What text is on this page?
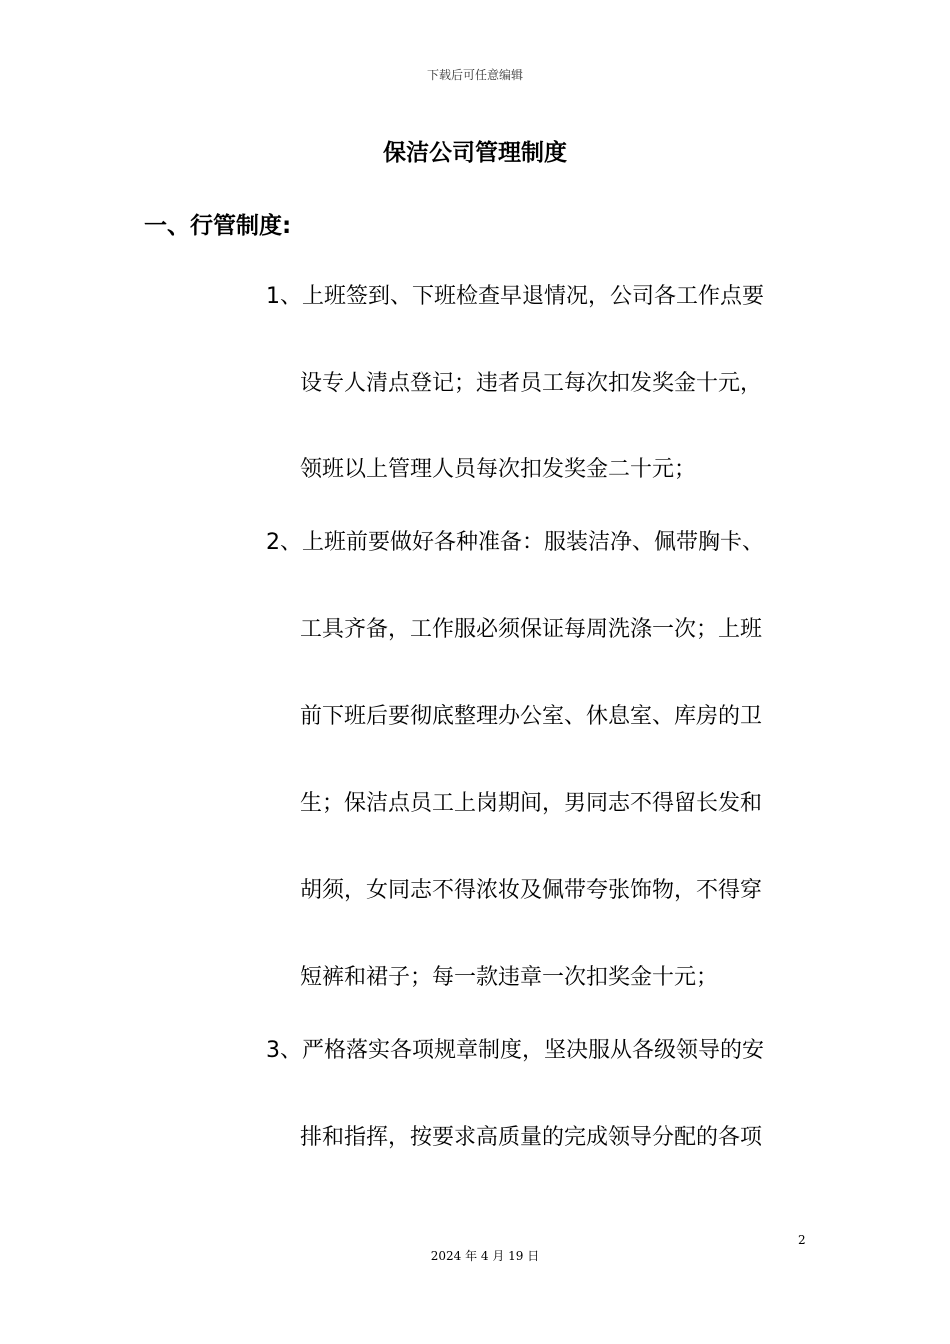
下载后可任意编辑
保洁公司管理制度
一、行管制度:
1、上班签到、下班检查早退情况，公司各工作点要
设专人清点登记；违者员工每次扣发奖金十元，
领班以上管理人员每次扣发奖金二十元；
2、上班前要做好各种准备：服装洁净、佩带胸卡、
工具齐备，工作服必须保证每周洗涤一次；上班
前下班后要彻底整理办公室、休息室、库房的卫
生；保洁点员工上岗期间，男同志不得留长发和
胡须，女同志不得浓妆及佩带夸张饰物，不得穿
短裤和裙子；每一款违章一次扣奖金十元；
3、严格落实各项规章制度，坚决服从各级领导的安
排和指挥，按要求高质量的完成领导分配的各项
2
2024 年 4 月 19 日
